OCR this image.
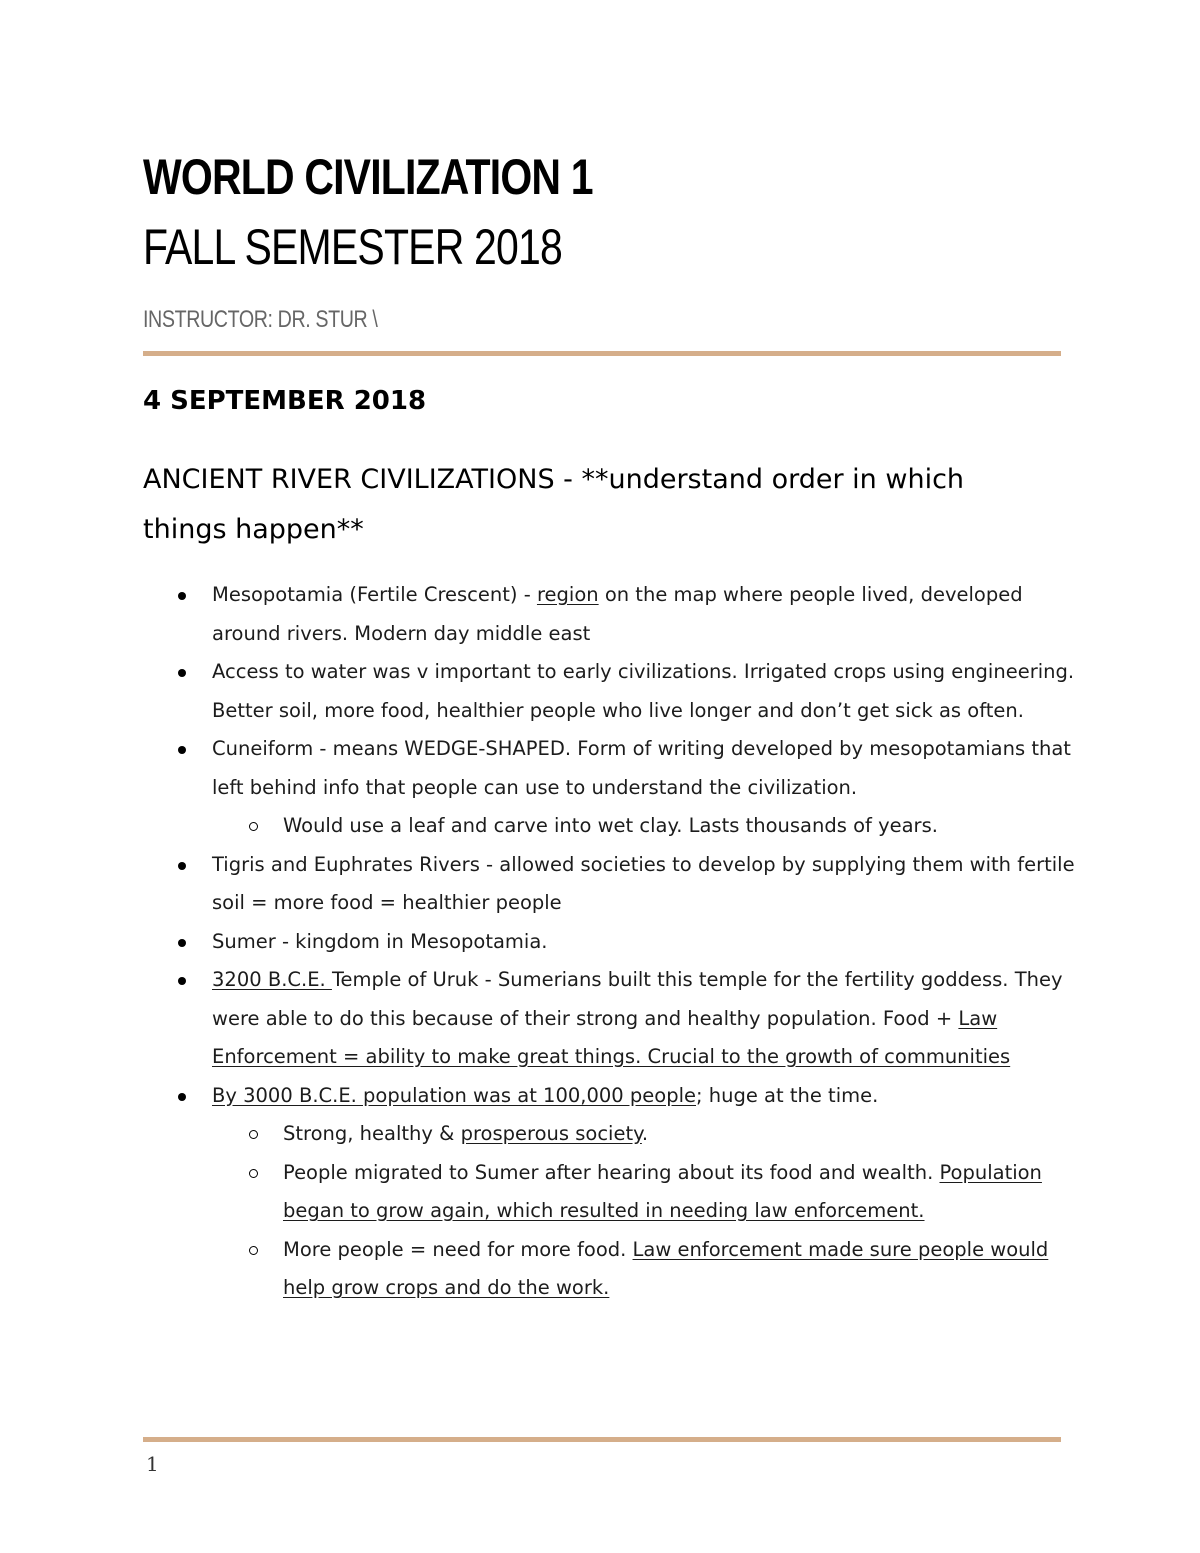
WORLD CIVILIZATION 1
FALL SEMESTER 2018
INSTRUCTOR: DR. STUR \
4 SEPTEMBER 2018
ANCIENT RIVER CIVILIZATIONS - **understand order in which things happen**
Mesopotamia (Fertile Crescent) - region on the map where people lived, developed around rivers. Modern day middle east
Access to water was v important to early civilizations. Irrigated crops using engineering. Better soil, more food, healthier people who live longer and don’t get sick as often.
Cuneiform - means WEDGE-SHAPED. Form of writing developed by mesopotamians that left behind info that people can use to understand the civilization.
Would use a leaf and carve into wet clay. Lasts thousands of years.
Tigris and Euphrates Rivers - allowed societies to develop by supplying them with fertile soil = more food = healthier people
Sumer - kingdom in Mesopotamia.
3200 B.C.E. Temple of Uruk - Sumerians built this temple for the fertility goddess. They were able to do this because of their strong and healthy population. Food + Law Enforcement = ability to make great things. Crucial to the growth of communities
By 3000 B.C.E. population was at 100,000 people; huge at the time.
Strong, healthy & prosperous society.
People migrated to Sumer after hearing about its food and wealth. Population began to grow again, which resulted in needing law enforcement.
More people = need for more food. Law enforcement made sure people would help grow crops and do the work.
1
